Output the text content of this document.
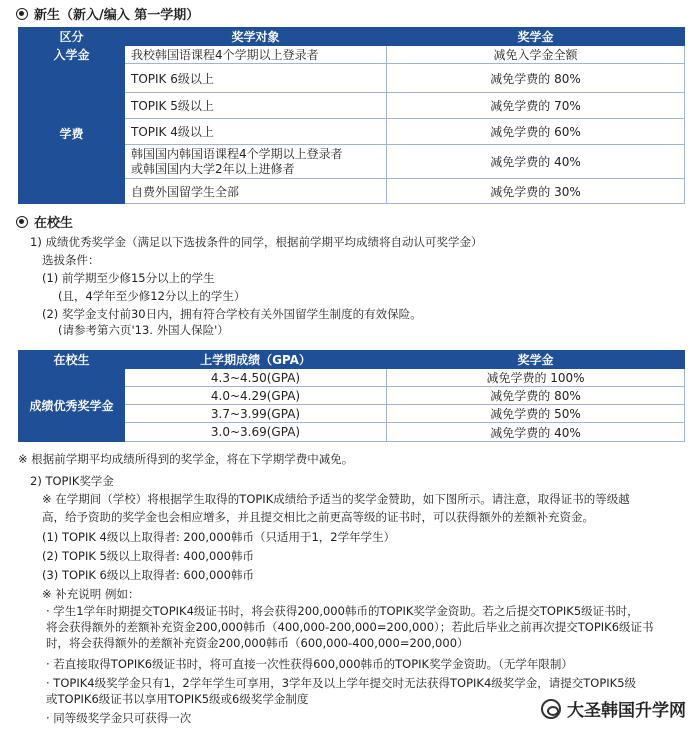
新生（新入/编入 第一学期）
区分	奖学对象	奖学金
入学金	我校韩国语课程4个学期以上登录者	减免入学金全额
学费	TOPIK 6级以上	减免学费的 80%
	TOPIK 5级以上	减免学费的 70%
	TOPIK 4级以上	减免学费的 60%

	韩国国内韩国语课程4个学期以上登录者
或韩国国内大学2年以上进修者	减免学费的 40%
	自费外国留学生全部	减免学费的 30%
在校生
1) 成绩优秀奖学金（满足以下选拔条件的同学，根据前学期平均成绩将自动认可奖学金）
选拔条件：
(1) 前学期至少修15分以上的学生
(且，4学年至少修12分以上的学生）
(2) 奖学金支付前30日内，拥有符合学校有关外国留学生制度的有效保险。
(请参考第六页'13. 外国人保险'）
在校生	上学期成绩（GPA）	奖学金
成绩优秀奖学金	4.3~4.50(GPA)	减免学费的 100%
	4.0~4.29(GPA)	减免学费的 80%
	3.7~3.99(GPA)	减免学费的 50%
	3.0~3.69(GPA)	减免学费的 40%
※ 根据前学期平均成绩所得到的奖学金，将在下学期学费中减免。
2) TOPIK奖学金
※ 在学期间（学校）将根据学生取得的TOPIK成绩给予适当的奖学金赞助，如下图所示。请注意，取得证书的等级越
高，给予资助的奖学金也会相应增多，并且提交相比之前更高等级的证书时，可以获得额外的差额补充资金。
(1) TOPIK 4级以上取得者: 200,000韩币（只适用于1，2学年学生）
(2) TOPIK 5级以上取得者: 400,000韩币
(3) TOPIK 6级以上取得者: 600,000韩币
※ 补充说明 例如：
· 学生1学年时期提交TOPIK4级证书时，将会获得200,000韩币的TOPIK奖学金资助。若之后提交TOPIK5级证书时，
将会获得额外的差额补充资金200,000韩币（400,000-200,000=200,000）；若此后毕业之前再次提交TOPIK6级证书
时，将会获得额外的差额补充资金200,000韩币（600,000-400,000=200,000）
· 若直接取得TOPIK6级证书时，将可直接一次性获得600,000韩币的TOPIK奖学金资助。（无学年限制）
· TOPIK4级奖学金只有1，2学年学生可享用，3学年及以上学年提交时无法获得TOPIK4级奖学金，请提交TOPIK5级
或TOPIK6级证书以享用TOPIK5级或6级奖学金制度
· 同等级奖学金只可获得一次	大圣韩国升学网
